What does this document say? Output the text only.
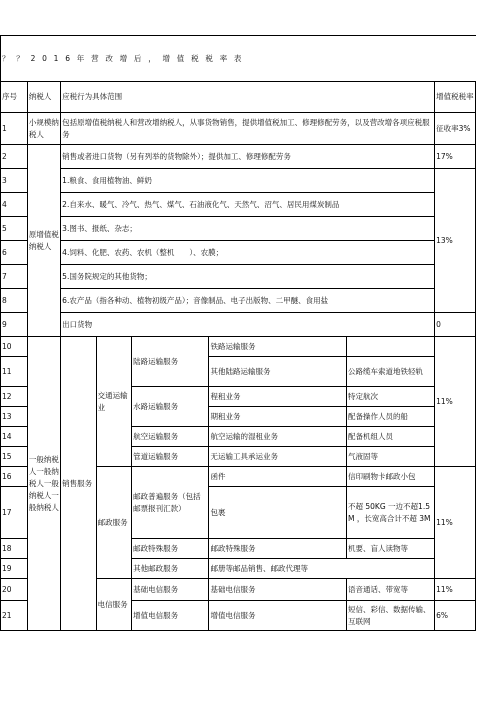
？ ？ 2 0 1 6 年 营 改 增 后 ， 增 值 税 税 率 表							

序号	纳税人	应税行为具体范围					增值税税率
1	小规模纳税人	包括原增值税纳税人和营改增纳税人，从事货物销售，提供增值税加工、修理修配劳务，以及营改增各项应税服务					征收率3%
2	原增值税纳税人	销售或者进口货物（另有列举的货物除外）；提供加工、修理修配劳务					17%
3		1.粮食、食用植物油、鲜奶					13%
4		2.自来水、暖气、冷气、热气、煤气、石油液化气、天然气、沼气、居民用煤炭制品					
5		3.图书、报纸、杂志；					
6		4.饲料、化肥、农药、农机（整机　　）、农膜；					
7		5.国务院规定的其他货物；					
8		6.农产品（指各种动、植物初级产品）；音像制品、电子出版物、二甲醚、食用盐					
9		出口货物					0
10	一般纳税人一般纳税人一般纳税人一般纳税人	销售服务	交通运输业	陆路运输服务	铁路运输服务		11%
11					其他陆路运输服务	公路缆车索道地铁轻轨	
12				水路运输服务	程租业务	特定航次	
13					期租业务	配备操作人员的船	
14				航空运输服务	航空运输的湿租业务	配备机组人员	
15				管道运输服务	无运输工具承运业务	气液固等	
16			邮政服务	邮政普遍服务（包括邮票报刊汇款）	函件	信印刷物卡邮政小包	11%
17					包裹	不超 50KG 一边不超1.5M ，长宽高合计不超 3M	
18				邮政特殊服务	邮政特殊服务	机要、盲人读物等	
19				其他邮政服务	邮册等邮品销售、邮政代理等		
20			电信服务	基础电信服务	基础电信服务	语音通话、带宽等	11%
21				增值电信服务	增值电信服务	短信、彩信、数据传输、互联网	6%
